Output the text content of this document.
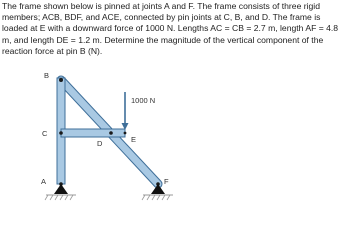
The frame shown below is pinned at joints A and F. The frame consists of three rigid members; ACB, BDF, and ACE, connected by pin joints at C, B, and D. The frame is loaded at E with a downward force of 1000 N. Lengths AC = CB = 2.7 m, length AF = 4.8 m, and length DE = 1.2 m. Determine the magnitude of the vertical component of the reaction force at pin B (N).

B
C
D	E
A	F
1000 N
